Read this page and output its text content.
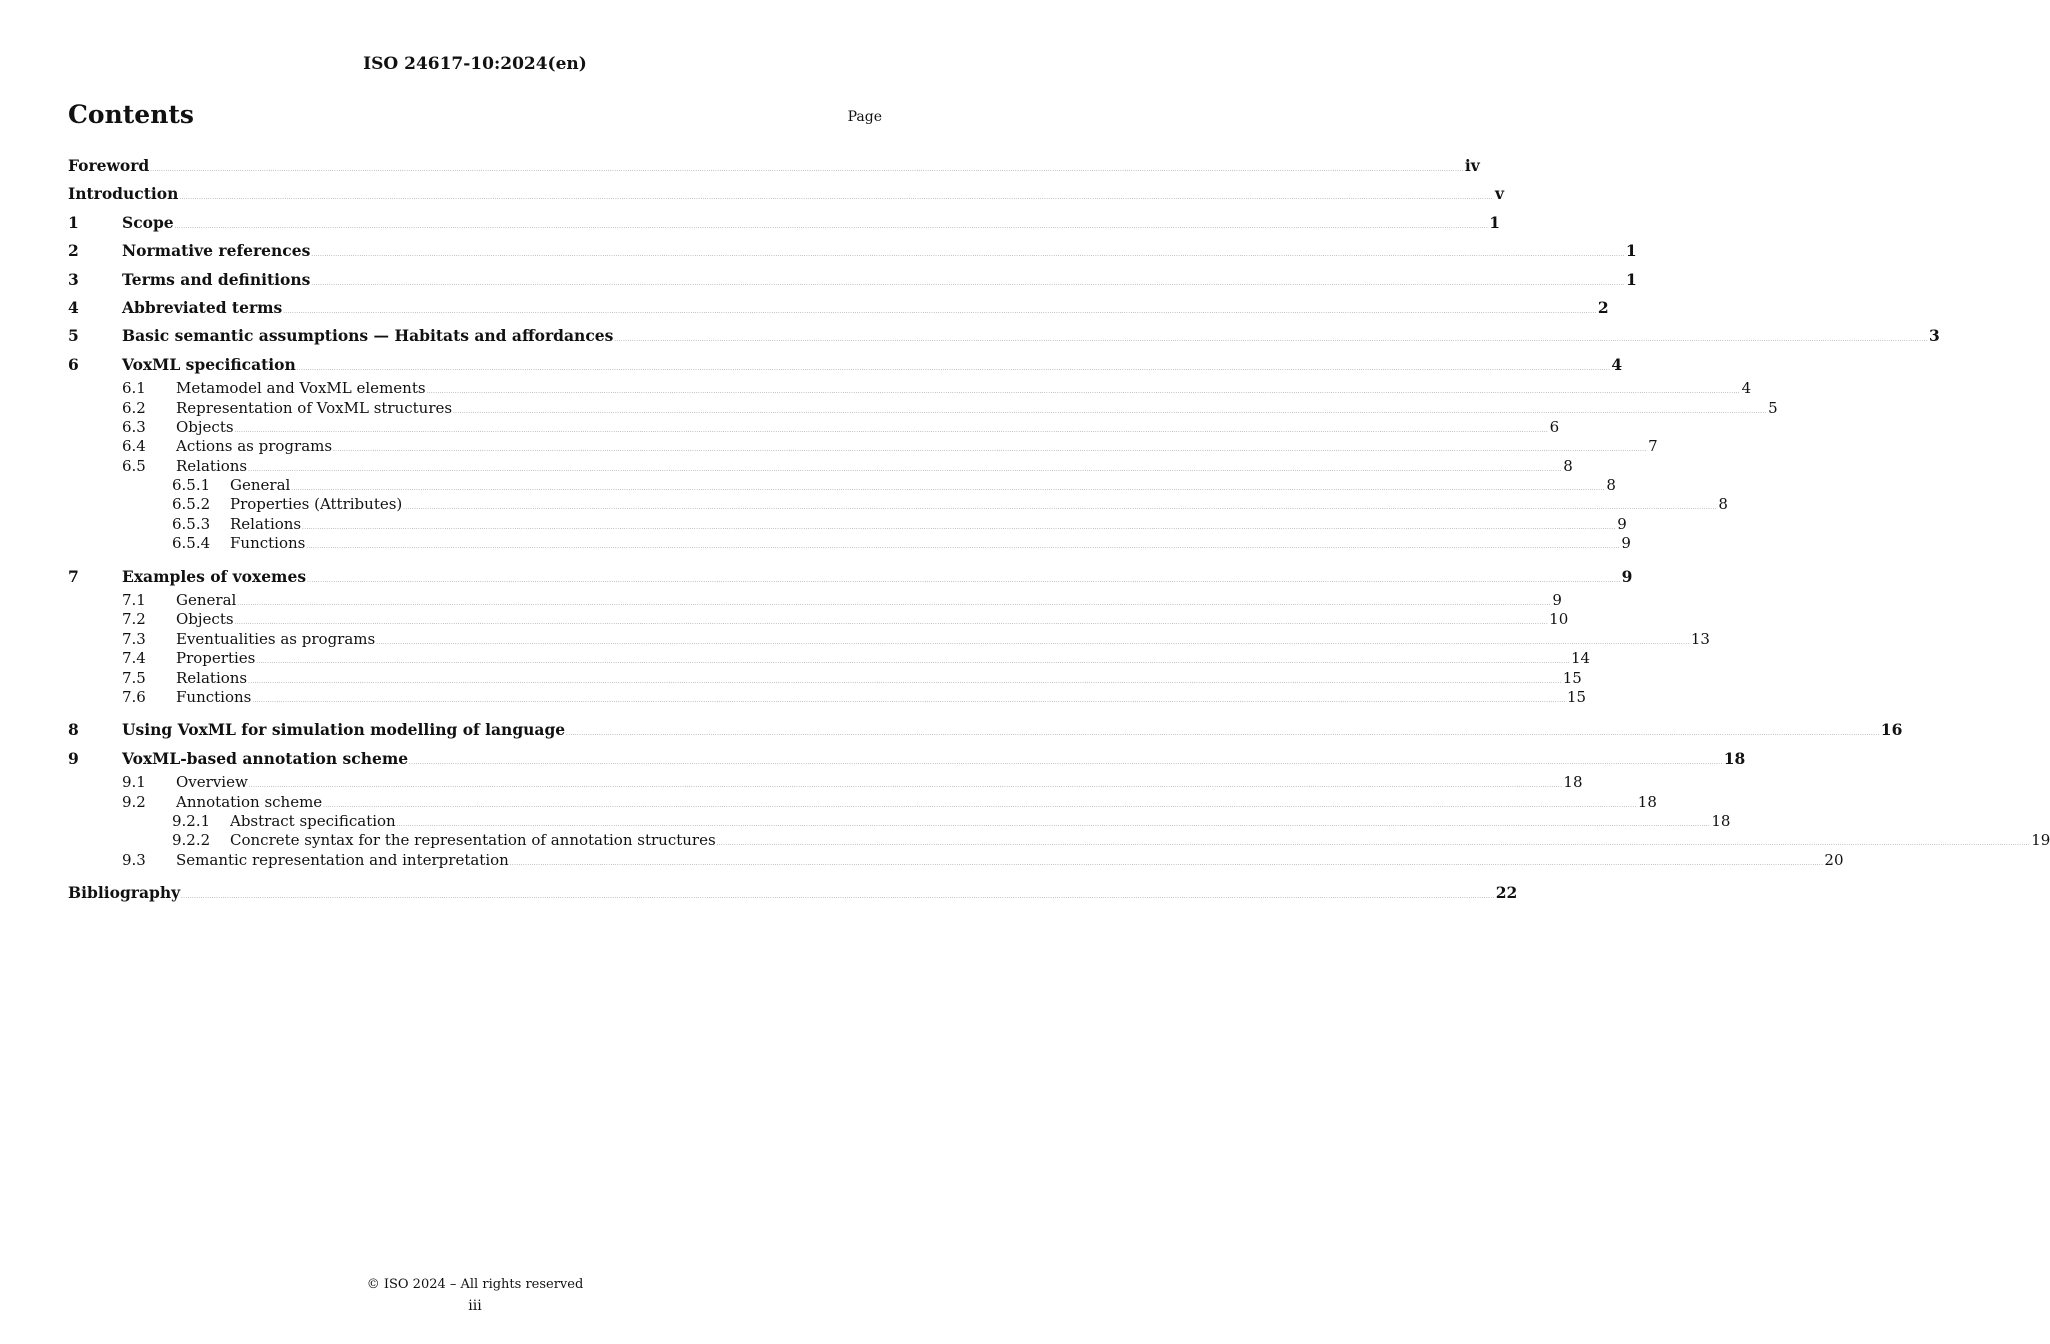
ISO 24617-10:2024(en)
Contents	Page
Foreword ........................................................................................................................................................................................................................................................................................................................................................................................................................................................................................................................................................................................................................ iv
Introduction ........................................................................................................................................................................................................................................................................................................................................................................................................................................................................................................................................................................................................................ v
1	Scope ........................................................................................................................................................................................................................................................................................................................................................................................................................................................................................................................................................................................................................ 1
2	Normative references ........................................................................................................................................................................................................................................................................................................................................................................................................................................................................................................................................................................................................................ 1
3	Terms and definitions ........................................................................................................................................................................................................................................................................................................................................................................................................................................................................................................................................................................................................................ 1
4	Abbreviated terms ........................................................................................................................................................................................................................................................................................................................................................................................................................................................................................................................................................................................................................ 2
5	Basic semantic assumptions — Habitats and affordances ........................................................................................................................................................................................................................................................................................................................................................................................................................................................................................................................................................................................................................ 3
6	VoxML specification ........................................................................................................................................................................................................................................................................................................................................................................................................................................................................................................................................................................................................................ 4
6.1	Metamodel and VoxML elements ........................................................................................................................................................................................................................................................................................................................................................................................................................................................................................................................................................................................................................ 4
6.2	Representation of VoxML structures ........................................................................................................................................................................................................................................................................................................................................................................................................................................................................................................................................................................................................................ 5
6.3	Objects ........................................................................................................................................................................................................................................................................................................................................................................................................................................................................................................................................................................................................................ 6
6.4	Actions as programs ........................................................................................................................................................................................................................................................................................................................................................................................................................................................................................................................................................................................................................ 7
6.5	Relations ........................................................................................................................................................................................................................................................................................................................................................................................................................................................................................................................................................................................................................ 8
6.5.1	General ........................................................................................................................................................................................................................................................................................................................................................................................................................................................................................................................................................................................................................ 8
6.5.2	Properties (Attributes) ........................................................................................................................................................................................................................................................................................................................................................................................................................................................................................................................................................................................................................ 8
6.5.3	Relations ........................................................................................................................................................................................................................................................................................................................................................................................................................................................................................................................................................................................................................ 9
6.5.4	Functions ........................................................................................................................................................................................................................................................................................................................................................................................................................................................................................................................................................................................................................ 9
7	Examples of voxemes ........................................................................................................................................................................................................................................................................................................................................................................................................................................................................................................................................................................................................................ 9
7.1	General ........................................................................................................................................................................................................................................................................................................................................................................................................................................................................................................................................................................................................................ 9
7.2	Objects ........................................................................................................................................................................................................................................................................................................................................................................................................................................................................................................................................................................................................................ 10
7.3	Eventualities as programs ........................................................................................................................................................................................................................................................................................................................................................................................................................................................................................................................................................................................................................ 13
7.4	Properties ........................................................................................................................................................................................................................................................................................................................................................................................................................................................................................................................................................................................................................ 14
7.5	Relations ........................................................................................................................................................................................................................................................................................................................................................................................................................................................................................................................................................................................................................ 15
7.6	Functions ........................................................................................................................................................................................................................................................................................................................................................................................................................................................................................................................................................................................................................ 15
8	Using VoxML for simulation modelling of language ........................................................................................................................................................................................................................................................................................................................................................................................................................................................................................................................................................................................................................ 16
9	VoxML-based annotation scheme ........................................................................................................................................................................................................................................................................................................................................................................................................................................................................................................................................................................................................................ 18
9.1	Overview ........................................................................................................................................................................................................................................................................................................................................................................................................................................................................................................................................................................................................................ 18
9.2	Annotation scheme ........................................................................................................................................................................................................................................................................................................................................................................................................................................................................................................................................................................................................................ 18
9.2.1	Abstract specification ........................................................................................................................................................................................................................................................................................................................................................................................................................................................................................................................................................................................................................ 18
9.2.2	Concrete syntax for the representation of annotation structures ........................................................................................................................................................................................................................................................................................................................................................................................................................................................................................................................................................................................................................ 19
9.3	Semantic representation and interpretation ........................................................................................................................................................................................................................................................................................................................................................................................................................................................................................................................................................................................................................ 20
Bibliography ........................................................................................................................................................................................................................................................................................................................................................................................................................................................................................................................................................................................................................ 22
© ISO 2024 – All rights reserved
iii
